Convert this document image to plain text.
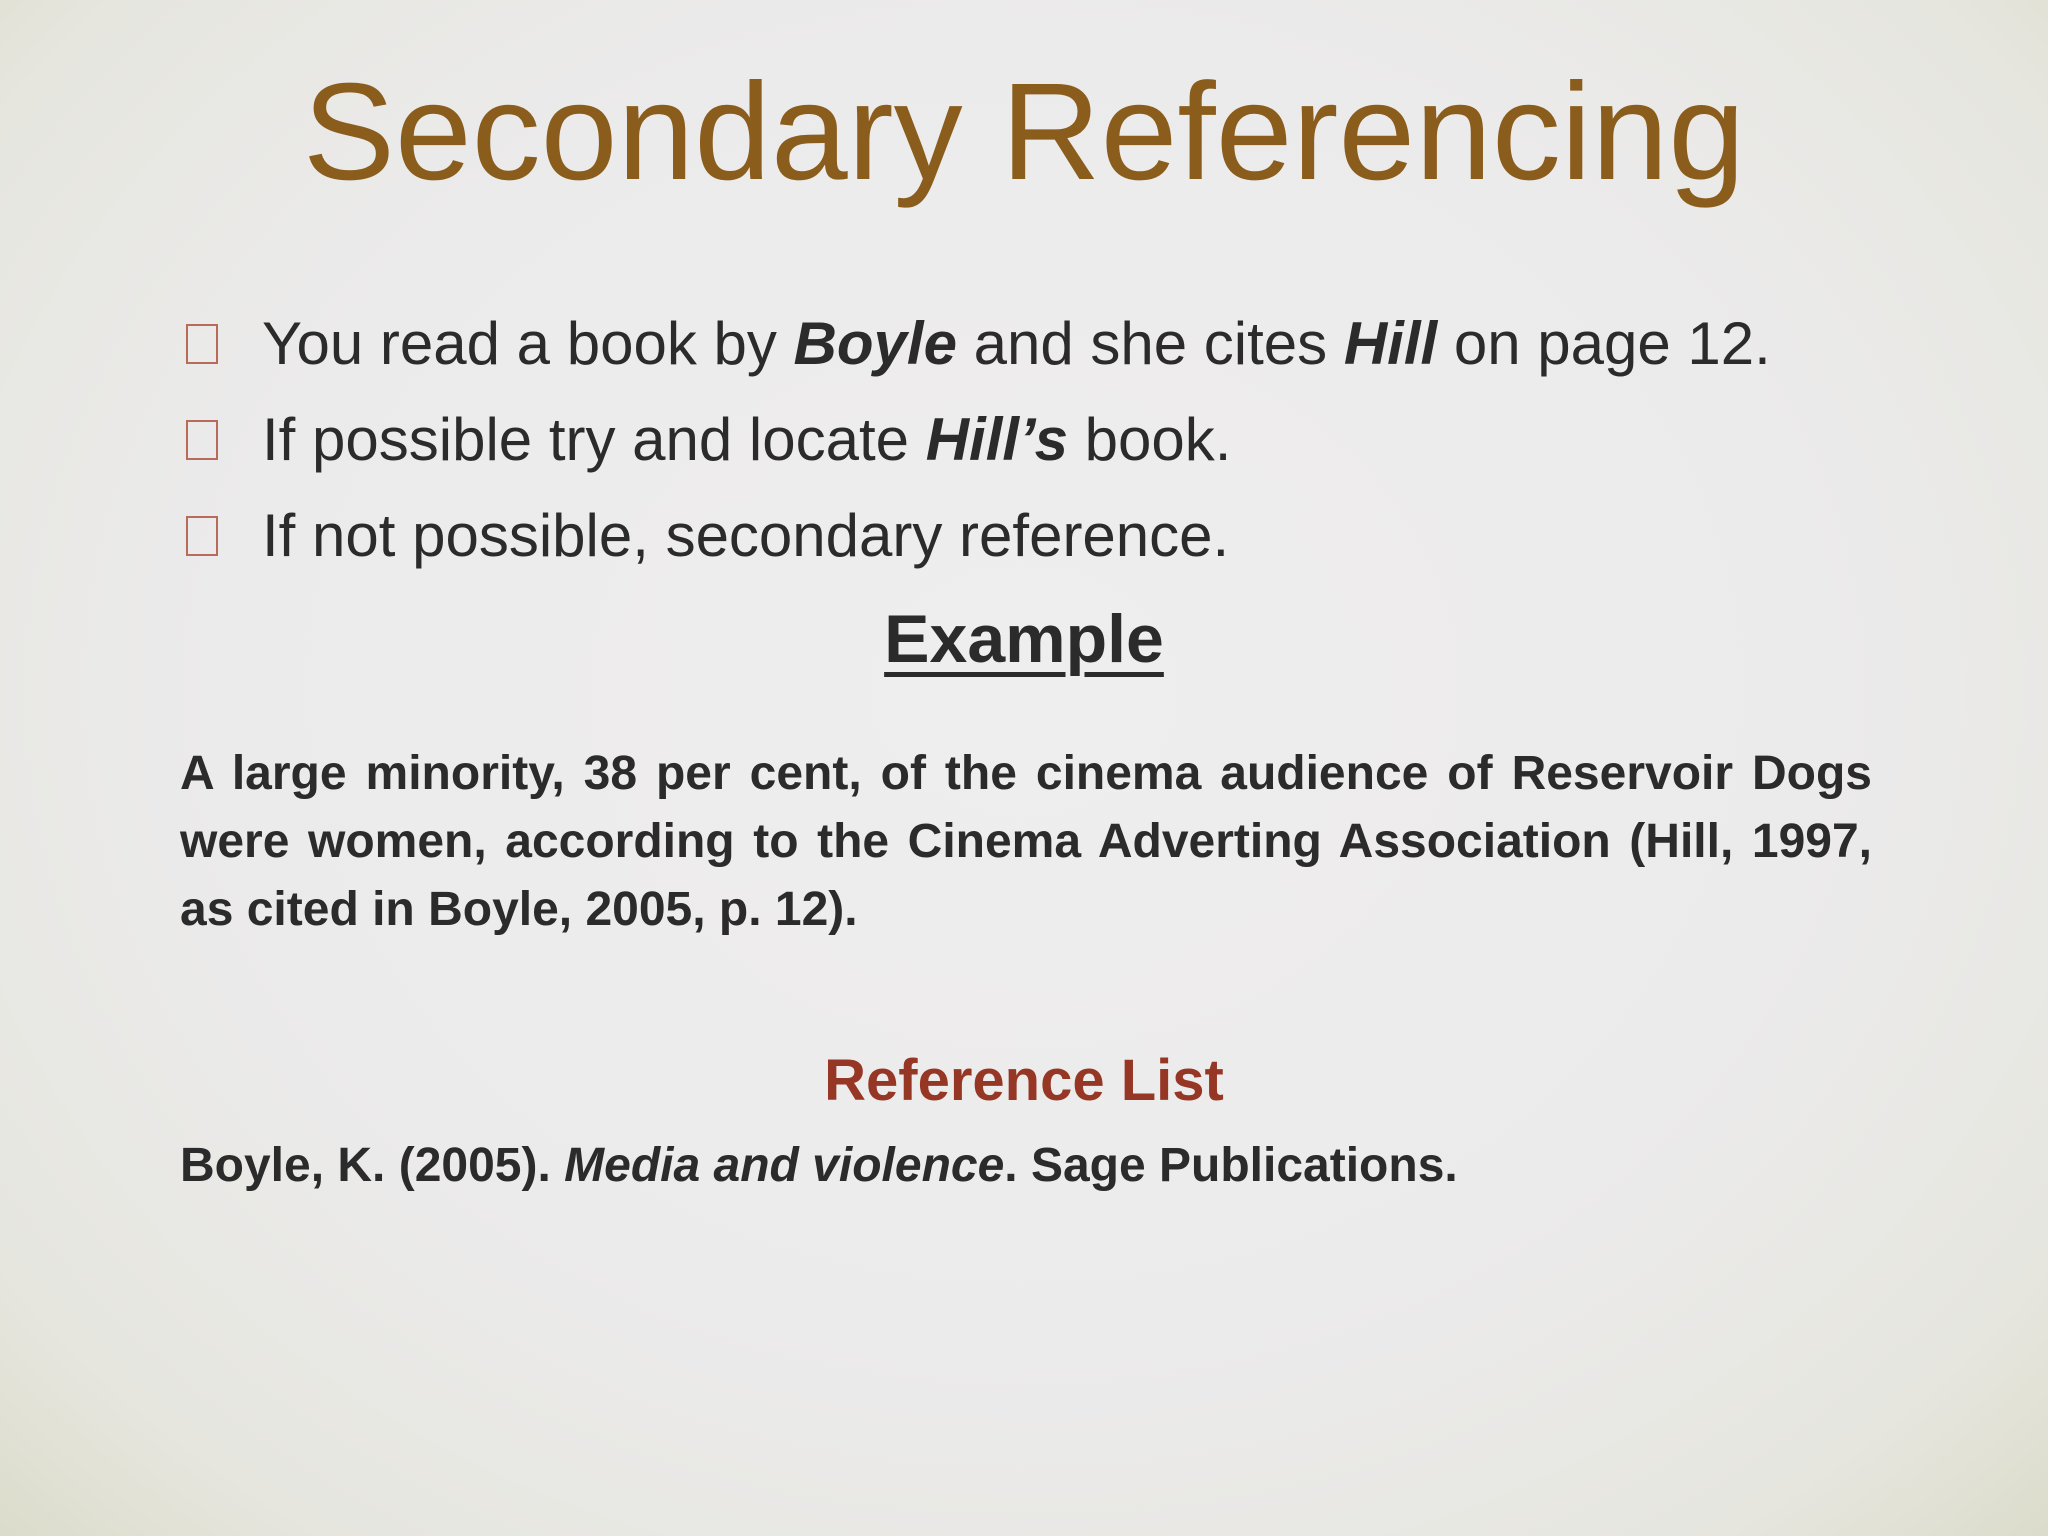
Secondary Referencing
You read a book by Boyle and she cites Hill on page 12.
If possible try and locate Hill’s book.
If not possible, secondary reference.
Example
A large minority, 38 per cent, of the cinema audience of Reservoir Dogs were women, according to the Cinema Adverting Association (Hill, 1997, as cited in Boyle, 2005, p. 12).
Reference List
Boyle, K. (2005). Media and violence. Sage Publications.
